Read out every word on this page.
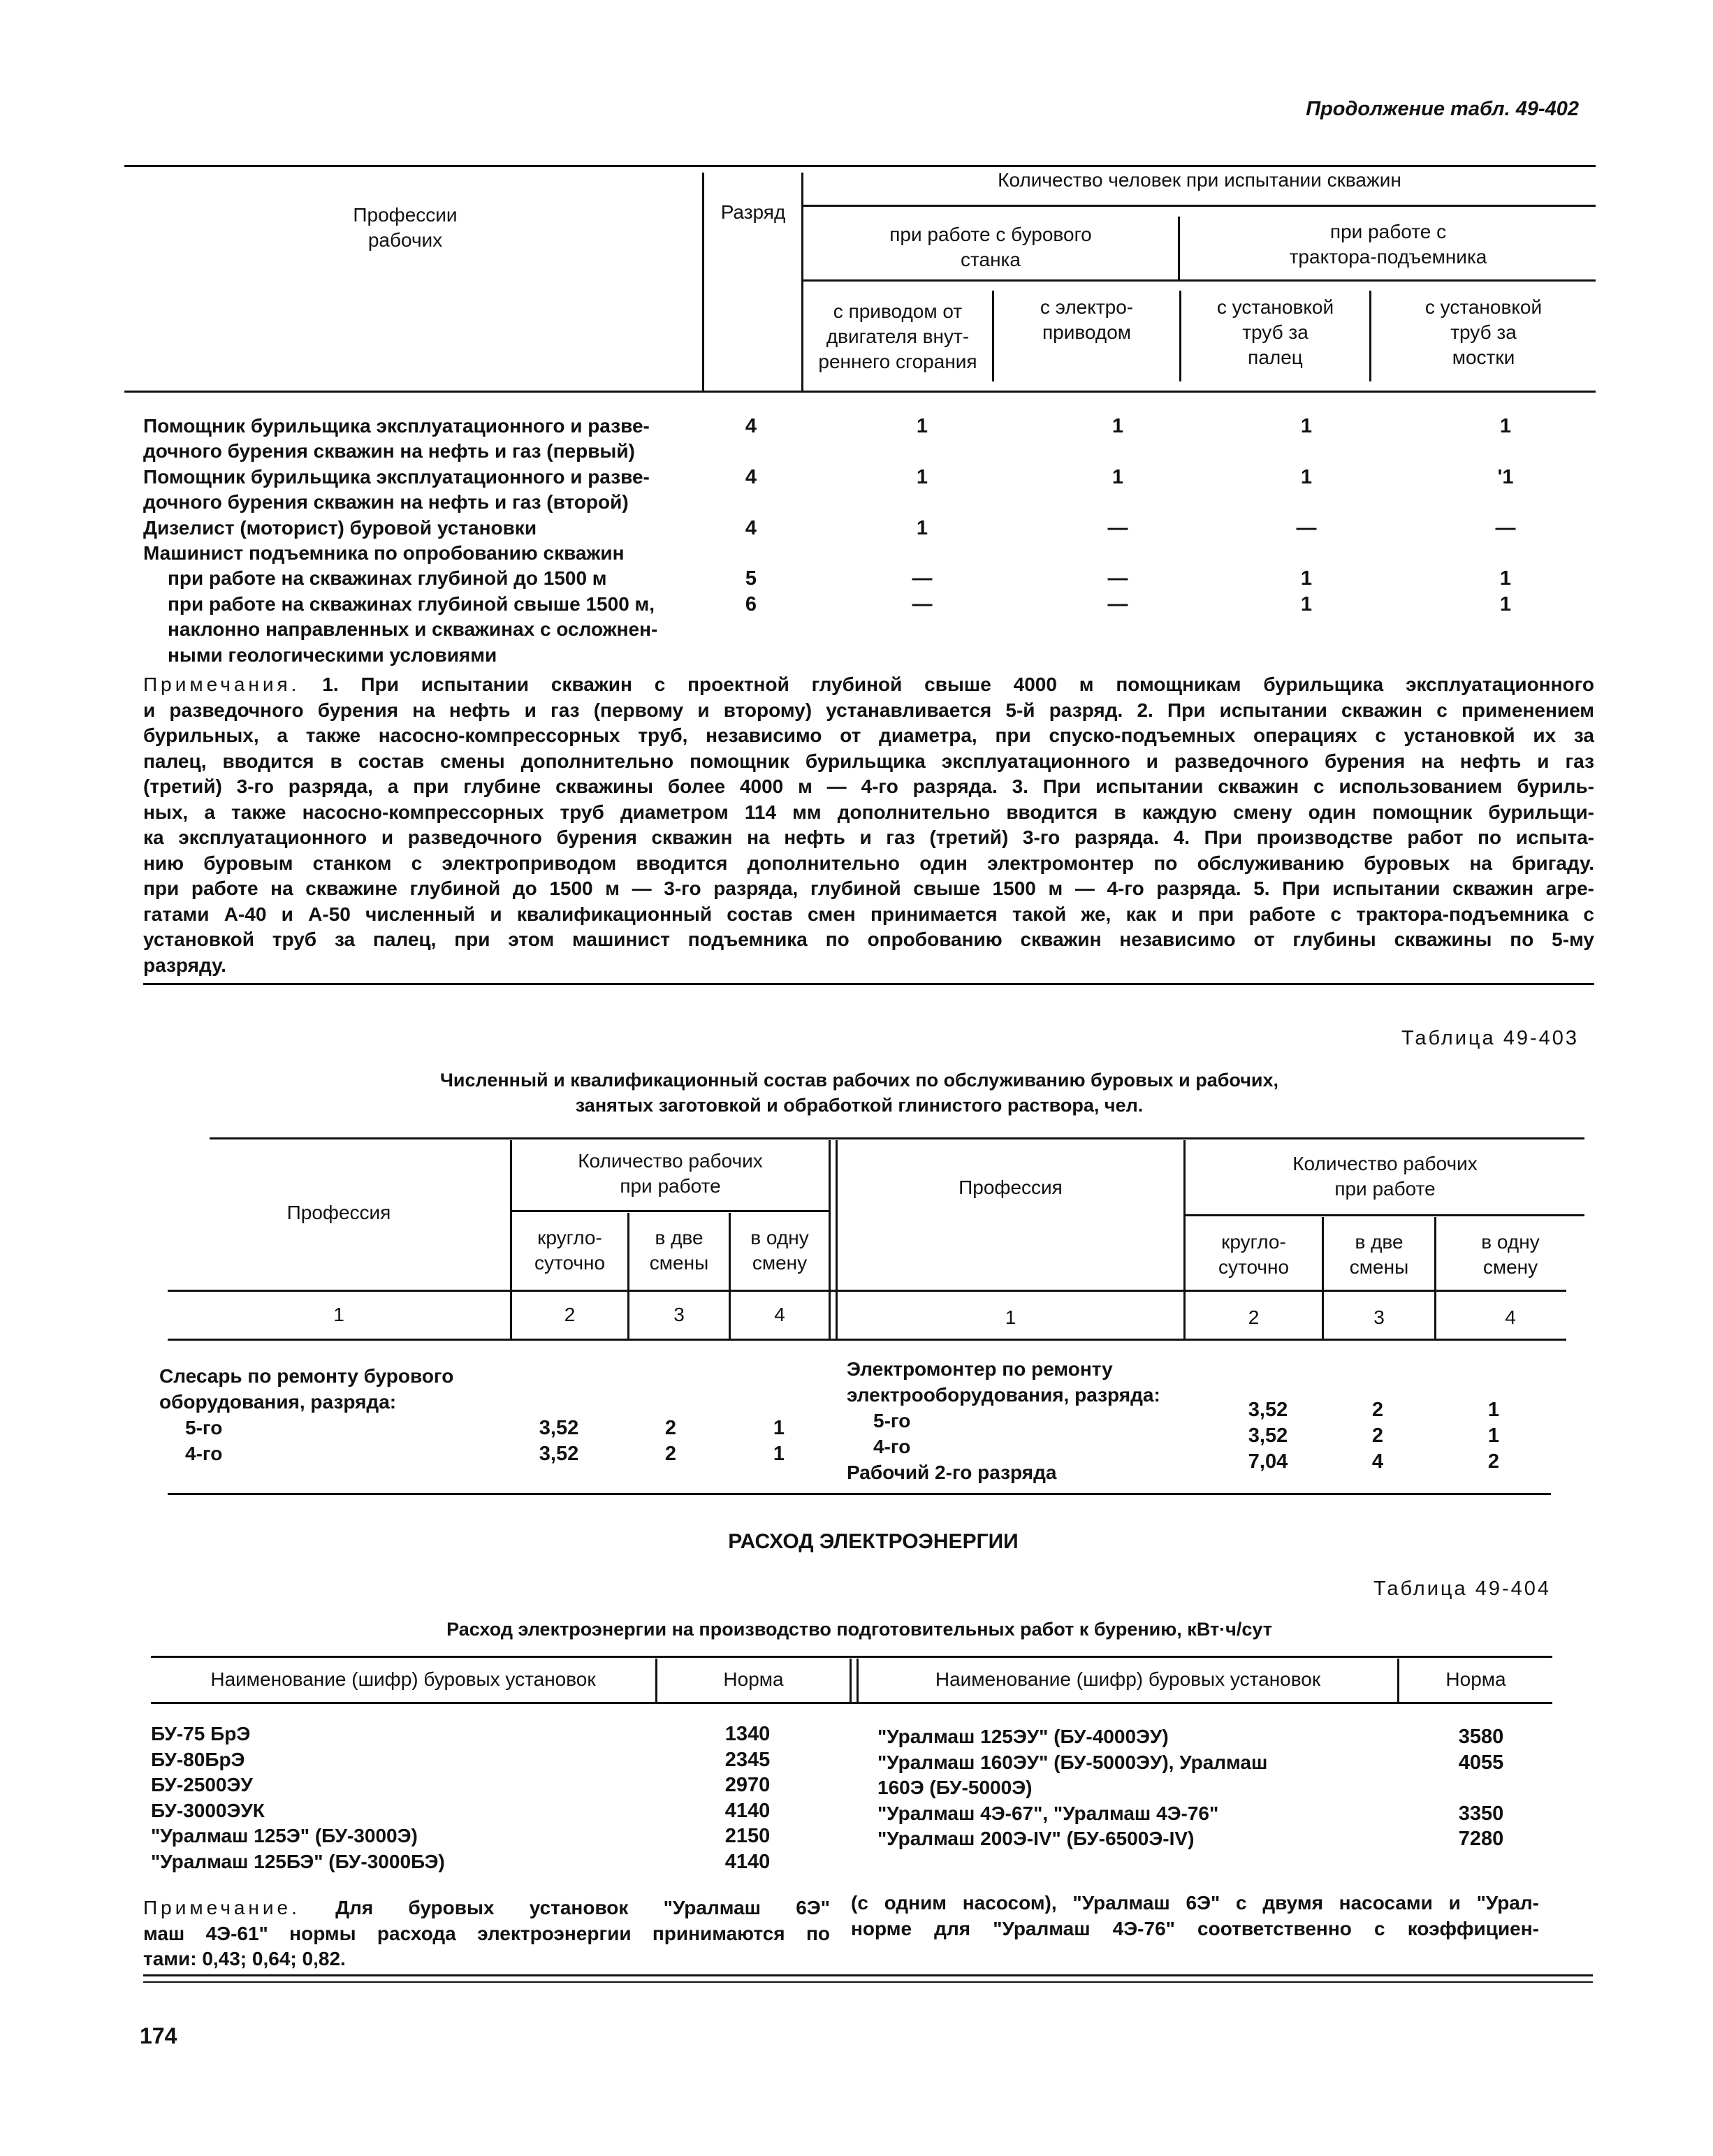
Продолжение табл. 49-402
Профессии
рабочих
Разряд
Количество человек при испытании скважин
при работе с бурового
станка
при работе с
трактора-подъемника
с приводом от
двигателя внут-
реннего сгорания
с электро-
приводом
с установкой
труб за
палец
с установкой
труб за
мостки
Помощник бурильщика эксплуатационного и разве-
дочного бурения скважин на нефть и газ (первый)
4	1	1	1	1
Помощник бурильщика эксплуатационного и разве-
дочного бурения скважин на нефть и газ (второй)
4	1	1	1	'1
Дизелист (моторист) буровой установки	4	1	—	—	—
Машинист подъемника по опробованию скважин
при работе на скважинах глубиной до 1500 м	5	—	—	1	1
при работе на скважинах глубиной свыше 1500 м,
наклонно направленных и скважинах с осложнен-
ными геологическими условиями
6	—	—	1	1
Примечания. 1. При испытании скважин с проектной глубиной свыше 4000 м помощникам бурильщика эксплуатационного
и разведочного бурения на нефть и газ (первому и второму) устанавливается 5-й разряд. 2. При испытании скважин с применением
бурильных, а также насосно-компрессорных труб, независимо от диаметра, при спуско-подъемных операциях с установкой их за
палец, вводится в состав смены дополнительно помощник бурильщика эксплуатационного и разведочного бурения на нефть и газ
(третий) 3-го разряда, а при глубине скважины более 4000 м — 4-го разряда. 3. При испытании скважин с использованием буриль-
ных, а также насосно-компрессорных труб диаметром 114 мм дополнительно вводится в каждую смену один помощник бурильщи-
ка эксплуатационного и разведочного бурения скважин на нефть и газ (третий) 3-го разряда. 4. При производстве работ по испыта-
нию буровым станком с электроприводом вводится дополнительно один электромонтер по обслуживанию буровых на бригаду.
при работе на скважине глубиной до 1500 м — 3-го разряда, глубиной свыше 1500 м — 4-го разряда. 5. При испытании скважин агре-
гатами А-40 и А-50 численный и квалификационный состав смен принимается такой же, как и при работе с трактора-подъемника с
установкой труб за палец, при этом машинист подъемника по опробованию скважин независимо от глубины скважины по 5-му
разряду.
Таблица 49-403
Численный и квалификационный состав рабочих по обслуживанию буровых и рабочих,
занятых заготовкой и обработкой глинистого раствора, чел.
Профессия
Количество рабочих
при работе
кругло-
суточно
в две
смены
в одну
смену
Профессия
Количество рабочих
при работе
кругло-
суточно
в две
смены
в одну
смену
1	2	3	4	1	2	3	4
Слесарь по ремонту бурового
оборудования, разряда:
5-го	3,52	2	1
4-го	3,52	2	1
Электромонтер по ремонту
электрооборудования, разряда:
5-го	3,52	2	1
4-го	3,52	2	1
Рабочий 2-го разряда	7,04	4	2
РАСХОД ЭЛЕКТРОЭНЕРГИИ
Таблица 49-404
Расход электроэнергии на производство подготовительных работ к бурению, кВт·ч/сут
Наименование (шифр) буровых установок	Норма	Наименование (шифр) буровых установок	Норма
БУ-75 БрЭ	1340
БУ-80БрЭ	2345
БУ-2500ЭУ	2970
БУ-3000ЭУК	4140
"Уралмаш 125Э" (БУ-3000Э)	2150
"Уралмаш 125БЭ" (БУ-3000БЭ)	4140
"Уралмаш 125ЭУ" (БУ-4000ЭУ)	3580
"Уралмаш 160ЭУ" (БУ-5000ЭУ), Уралмаш	4055
160Э (БУ-5000Э)
"Уралмаш 4Э-67", "Уралмаш 4Э-76"	3350
"Уралмаш 200Э-IV" (БУ-6500Э-IV)	7280
Примечание. Для буровых установок "Уралмаш 6Э"
маш 4Э-61" нормы расхода электроэнергии принимаются по
тами: 0,43; 0,64; 0,82.
(с одним насосом), "Уралмаш 6Э" с двумя насосами и "Урал-
норме для "Уралмаш 4Э-76" соответственно с коэффициен-
174
